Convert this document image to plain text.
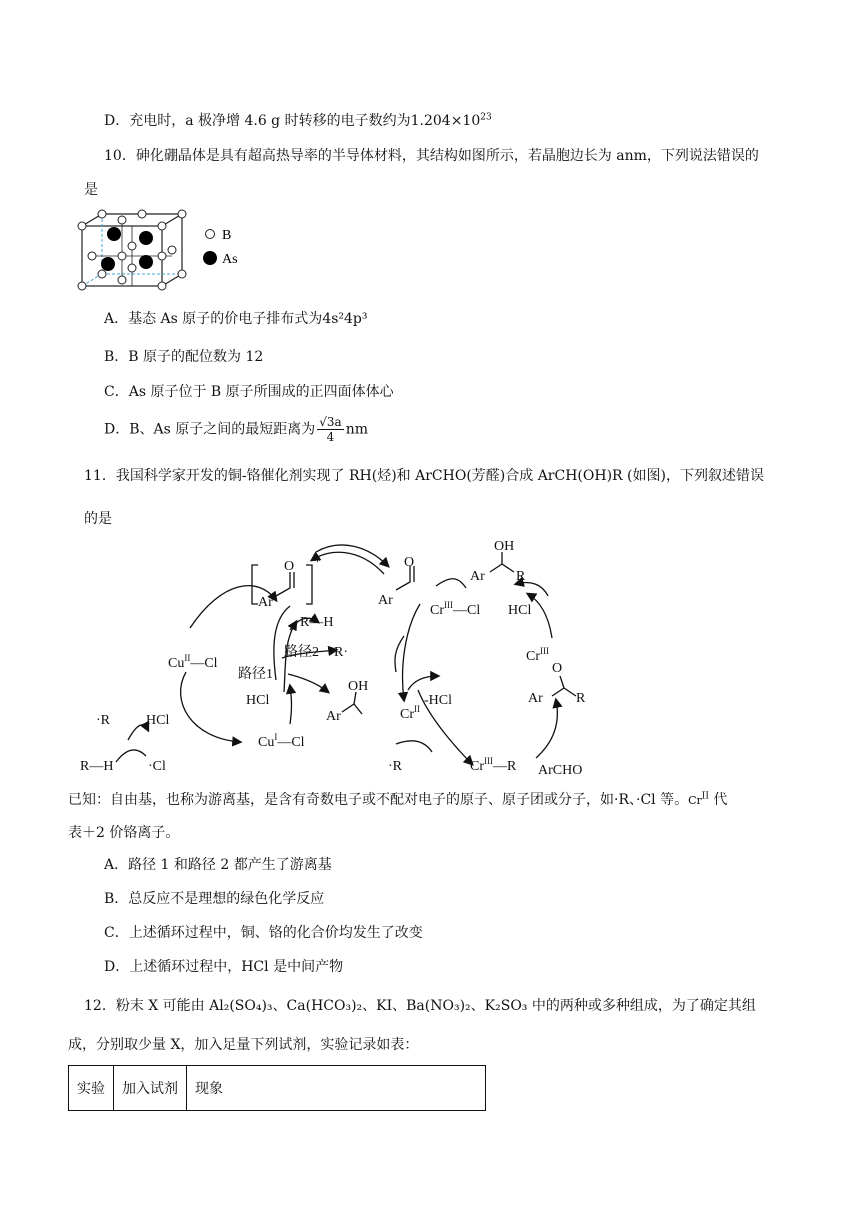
D．充电时，a 极净增 4.6 g 时转移的电子数约为$1.204\times 10^{23}$
10．砷化硼晶体是具有超高热导率的半导体材料，其结构如图所示，若晶胞边长为 anm，下列说法错误的
是
B
As
A．基态 As 原子的价电子排布式为4s²4p³
B．B 原子的配位数为 12
C．As 原子位于 B 原子所围成的正四面体体心
D．B、As 原子之间的最短距离为 $\frac{√3a}{4}$ nm
11．我国科学家开发的铜-铬催化剂实现了 RH(烃)和 ArCHO(芳醛)合成 ArCH(OH)R (如图)，下列叙述错误
的是
*
Ar
O
Ar
O
R—H
路径2 R·
路径1
HCl
$Cu^{II}—Cl$
$Cu^I—Cl$
·R	HCl
R—H ·Cl
OH
Ar
$Cr^{III}—Cl$
-HCl
$Cr^{II}$
·R	$Cr^{III}—R$ ArCHO
$Cr^{III}$
O
Ar R
HCl
OH
Ar R
已知：自由基，也称为游离基，是含有奇数电子或不配对电子的原子、原子团或分子，如·R、·Cl 等。$Cr^{II}$ 代
表＋2 价铬离子。
A．路径 1 和路径 2 都产生了游离基
B．总反应不是理想的绿色化学反应
C．上述循环过程中，铜、铬的化合价均发生了改变
D．上述循环过程中，HCl 是中间产物
12．粉末 X 可能由 Al₂(SO₄)₃、Ca(HCO₃)₂、KI、Ba(NO₃)₂、K₂SO₃ 中的两种或多种组成，为了确定其组
成，分别取少量 X，加入足量下列试剂，实验记录如表：
实验	加入试剂	现象
